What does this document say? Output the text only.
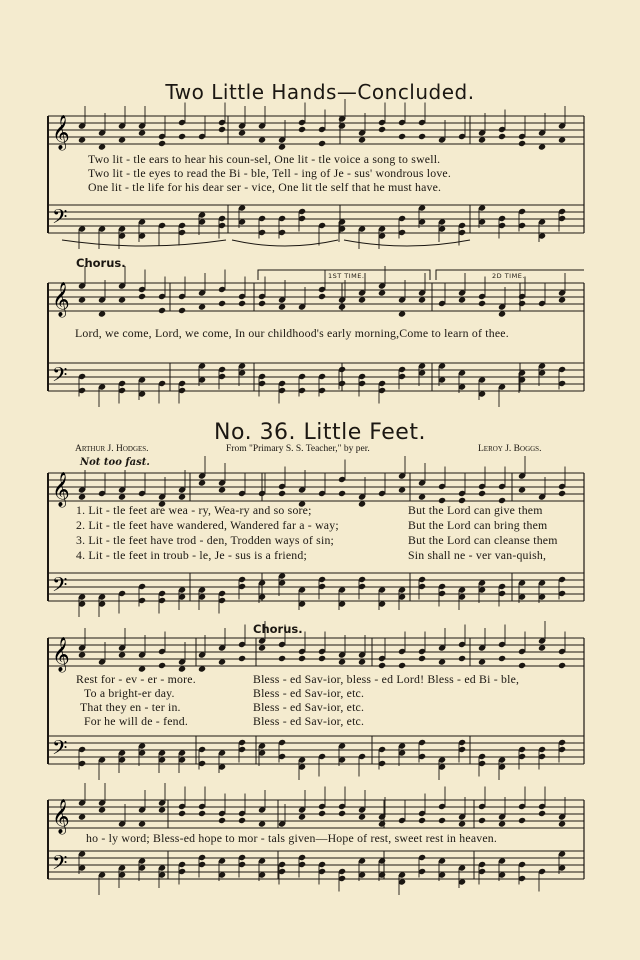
Two Little Hands—Concluded.
𝄞
𝄢
𝄞
𝄢
𝄞
𝄢
𝄞
𝄢
𝄞
𝄢
Two lit - tle ears to hear his coun-sel, One lit - tle voice a song to swell.
Two lit - tle eyes to read the Bi - ble, Tell - ing of Je - sus' wondrous love.
One lit - tle life for his dear ser - vice, One lit tle self that he must have.
Chorus.
1ST TIME.	2D TIME.
Lord, we come, Lord, we come, In our childhood's early morning,Come to learn of thee.
No. 36. Little Feet.
Arthur J. Hodges.	From "Primary S. S. Teacher," by per.	Leroy J. Boggs.
Not too fast.
1. Lit - tle feet are wea - ry, Wea-ry and so sore;
2. Lit - tle feet have wandered, Wandered far a - way;
3. Lit - tle feet have trod - den, Trodden ways of sin;
4. Lit - tle feet in troub - le, Je - sus is a friend;
But the Lord can give them
But the Lord can bring them
But the Lord can cleanse them
Sin shall ne - ver van-quish,
Chorus.
Rest for - ev - er - more.
To a bright-er day.
That they en - ter in.
For he will de - fend.
Bless - ed Sav-ior, bless - ed Lord! Bless - ed Bi - ble,
Bless - ed Sav-ior, etc.
Bless - ed Sav-ior, etc.
Bless - ed Sav-ior, etc.
ho - ly word; Bless-ed hope to mor - tals given—Hope of rest, sweet rest in heaven.
